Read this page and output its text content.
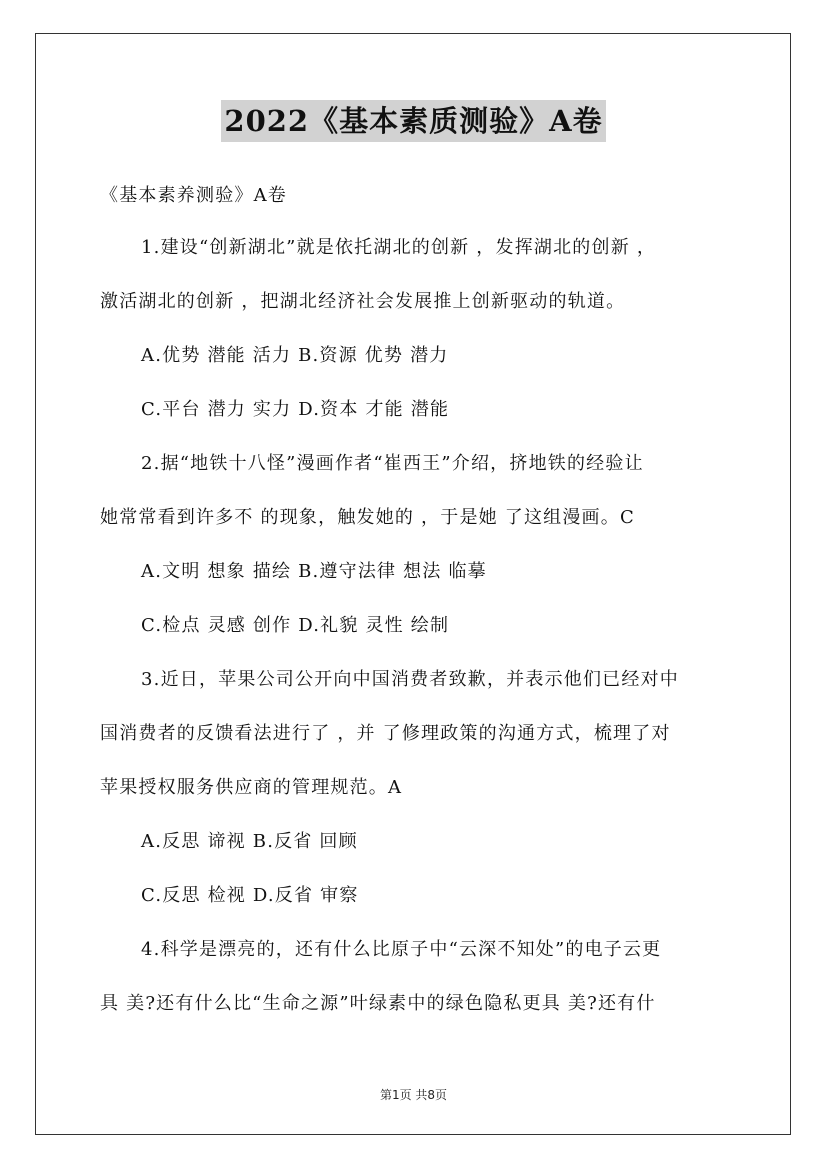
2022《基本素质测验》A卷
《基本素养测验》A卷
1.建设“创新湖北”就是依托湖北的创新 ，发挥湖北的创新 ，
激活湖北的创新 ，把湖北经济社会发展推上创新驱动的轨道。
A.优势 潜能 活力 B.资源 优势 潜力
C.平台 潜力 实力 D.资本 才能 潜能
2.据“地铁十八怪”漫画作者“崔西王”介绍，挤地铁的经验让
她常常看到许多不 的现象，触发她的 ，于是她 了这组漫画。C
A.文明 想象 描绘 B.遵守法律 想法 临摹
C.检点 灵感 创作 D.礼貌 灵性 绘制
3.近日，苹果公司公开向中国消费者致歉，并表示他们已经对中
国消费者的反馈看法进行了 ，并 了修理政策的沟通方式，梳理了对
苹果授权服务供应商的管理规范。A
A.反思 谛视 B.反省 回顾
C.反思 检视 D.反省 审察
4.科学是漂亮的，还有什么比原子中“云深不知处”的电子云更
具 美?还有什么比“生命之源”叶绿素中的绿色隐私更具 美?还有什
第1页 共8页
